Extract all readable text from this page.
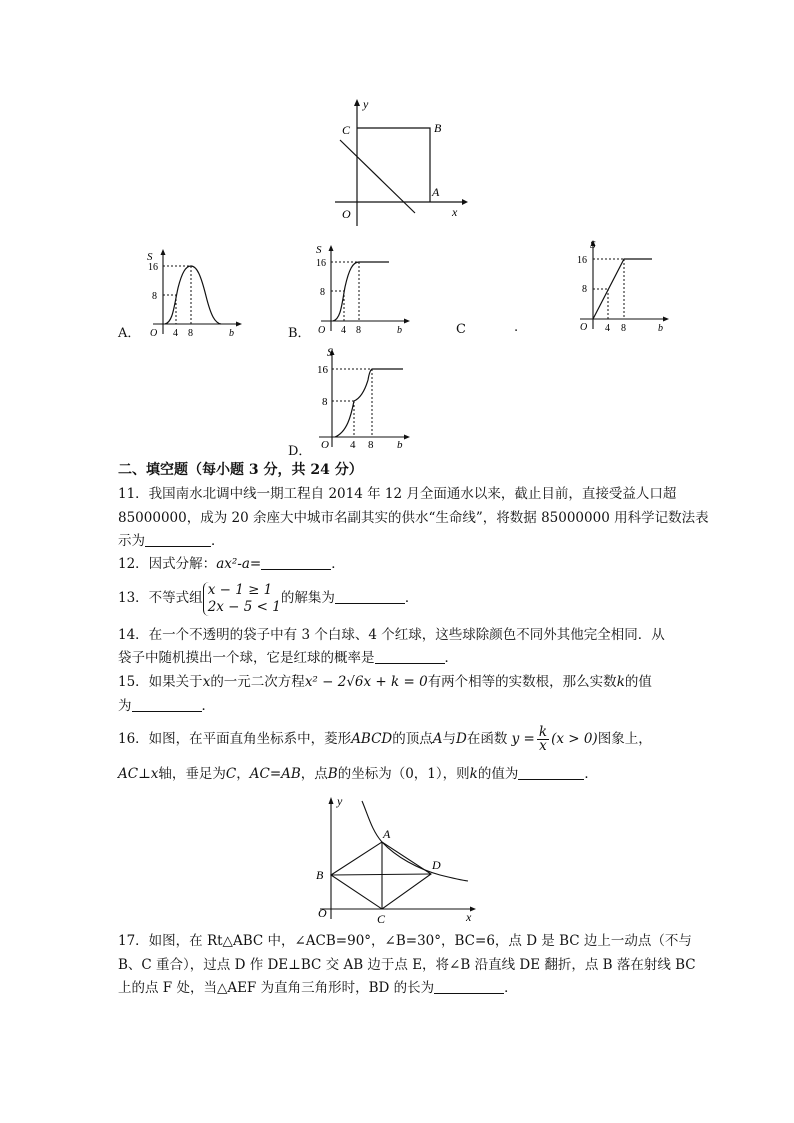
y
x
O
C	B
A
A．
S
16
8
O 4 8	b	B．
S
16
8
O 4 8	b	C	.
S
16
8
O 4 8	b
D．
S
16
8
O 4 8 b
二、填空题（每小题 3 分，共 24 分）
11．我国南水北调中线一期工程自 2014 年 12 月全面通水以来，截止目前，直接受益人口超
85000000，成为 20 余座大中城市名副其实的供水“生命线”，将数据 85000000 用科学记数法表
示为	．
12．因式分解：ax²-a=	．
13．不等式组x − 1 ≥ 1
2x − 5 < 1的解集为	．
14．在一个不透明的袋子中有 3 个白球、4 个红球，这些球除颜色不同外其他完全相同．从
袋子中随机摸出一个球，它是红球的概率是	．
15．如果关于x的一元二次方程x² − 2√6x + k = 0有两个相等的实数根，那么实数k的值
为	．
16．如图，在平面直角坐标系中，菱形ABCD的顶点A与D在函数 $y = \frac{k}{x} (x > 0)$图象上，
AC⊥x轴，垂足为C，AC=AB，点B的坐标为（0，1），则k的值为	．
y
x
O
A
B
C
D
17．如图，在 Rt△ABC 中，∠ACB=90°，∠B=30°，BC=6，点 D 是 BC 边上一动点（不与
B、C 重合），过点 D 作 DE⊥BC 交 AB 边于点 E，将∠B 沿直线 DE 翻折，点 B 落在射线 BC
上的点 F 处，当△AEF 为直角三角形时，BD 的长为	．
